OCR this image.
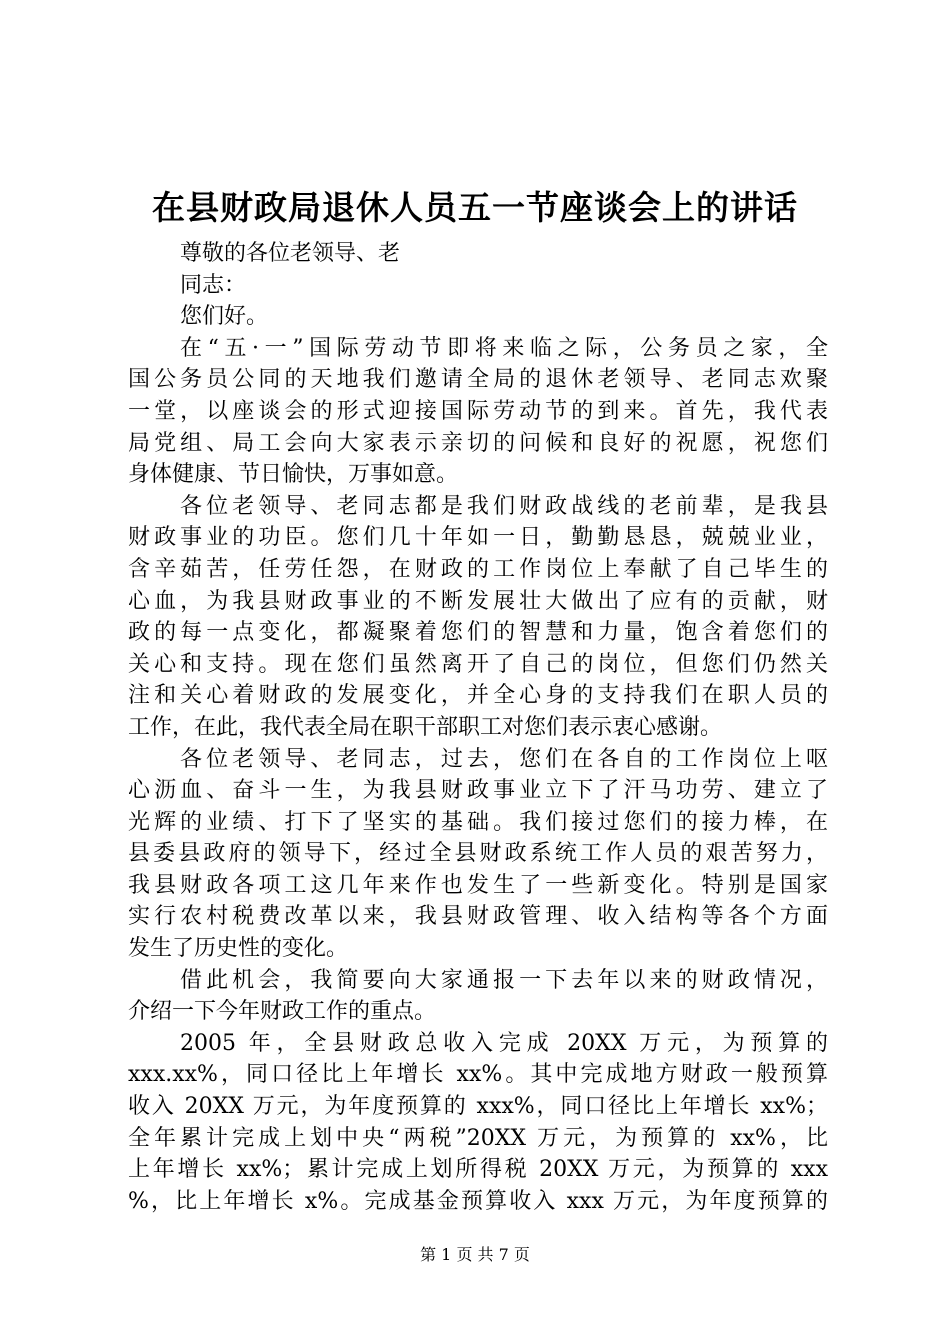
在县财政局退休人员五一节座谈会上的讲话
尊敬的各位老领导、老
同志：
您们好。
在“五·一”国际劳动节即将来临之际，公务员之家，全
国公务员公同的天地我们邀请全局的退休老领导、老同志欢聚
一堂，以座谈会的形式迎接国际劳动节的到来。首先，我代表
局党组、局工会向大家表示亲切的问候和良好的祝愿，祝您们
身体健康、节日愉快，万事如意。
各位老领导、老同志都是我们财政战线的老前辈，是我县
财政事业的功臣。您们几十年如一日，勤勤恳恳，兢兢业业，
含辛茹苦，任劳任怨，在财政的工作岗位上奉献了自己毕生的
心血，为我县财政事业的不断发展壮大做出了应有的贡献，财
政的每一点变化，都凝聚着您们的智慧和力量，饱含着您们的
关心和支持。现在您们虽然离开了自己的岗位，但您们仍然关
注和关心着财政的发展变化，并全心身的支持我们在职人员的
工作，在此，我代表全局在职干部职工对您们表示衷心感谢。
各位老领导、老同志，过去，您们在各自的工作岗位上呕
心沥血、奋斗一生，为我县财政事业立下了汗马功劳、建立了
光辉的业绩、打下了坚实的基础。我们接过您们的接力棒，在
县委县政府的领导下，经过全县财政系统工作人员的艰苦努力，
我县财政各项工这几年来作也发生了一些新变化。特别是国家
实行农村税费改革以来，我县财政管理、收入结构等各个方面
发生了历史性的变化。
借此机会，我简要向大家通报一下去年以来的财政情况，
介绍一下今年财政工作的重点。
2005 年，全县财政总收入完成 20XX 万元，为预算的
xxx.xx%，同口径比上年增长 xx%。其中完成地方财政一般预算
收入 20XX 万元，为年度预算的 xxx%，同口径比上年增长 xx%；
全年累计完成上划中央“两税”20XX 万元，为预算的 xx%，比
上年增长 xx%；累计完成上划所得税 20XX 万元，为预算的 xxx
%，比上年增长 x%。完成基金预算收入 xxx 万元，为年度预算的
第 1 页 共 7 页
